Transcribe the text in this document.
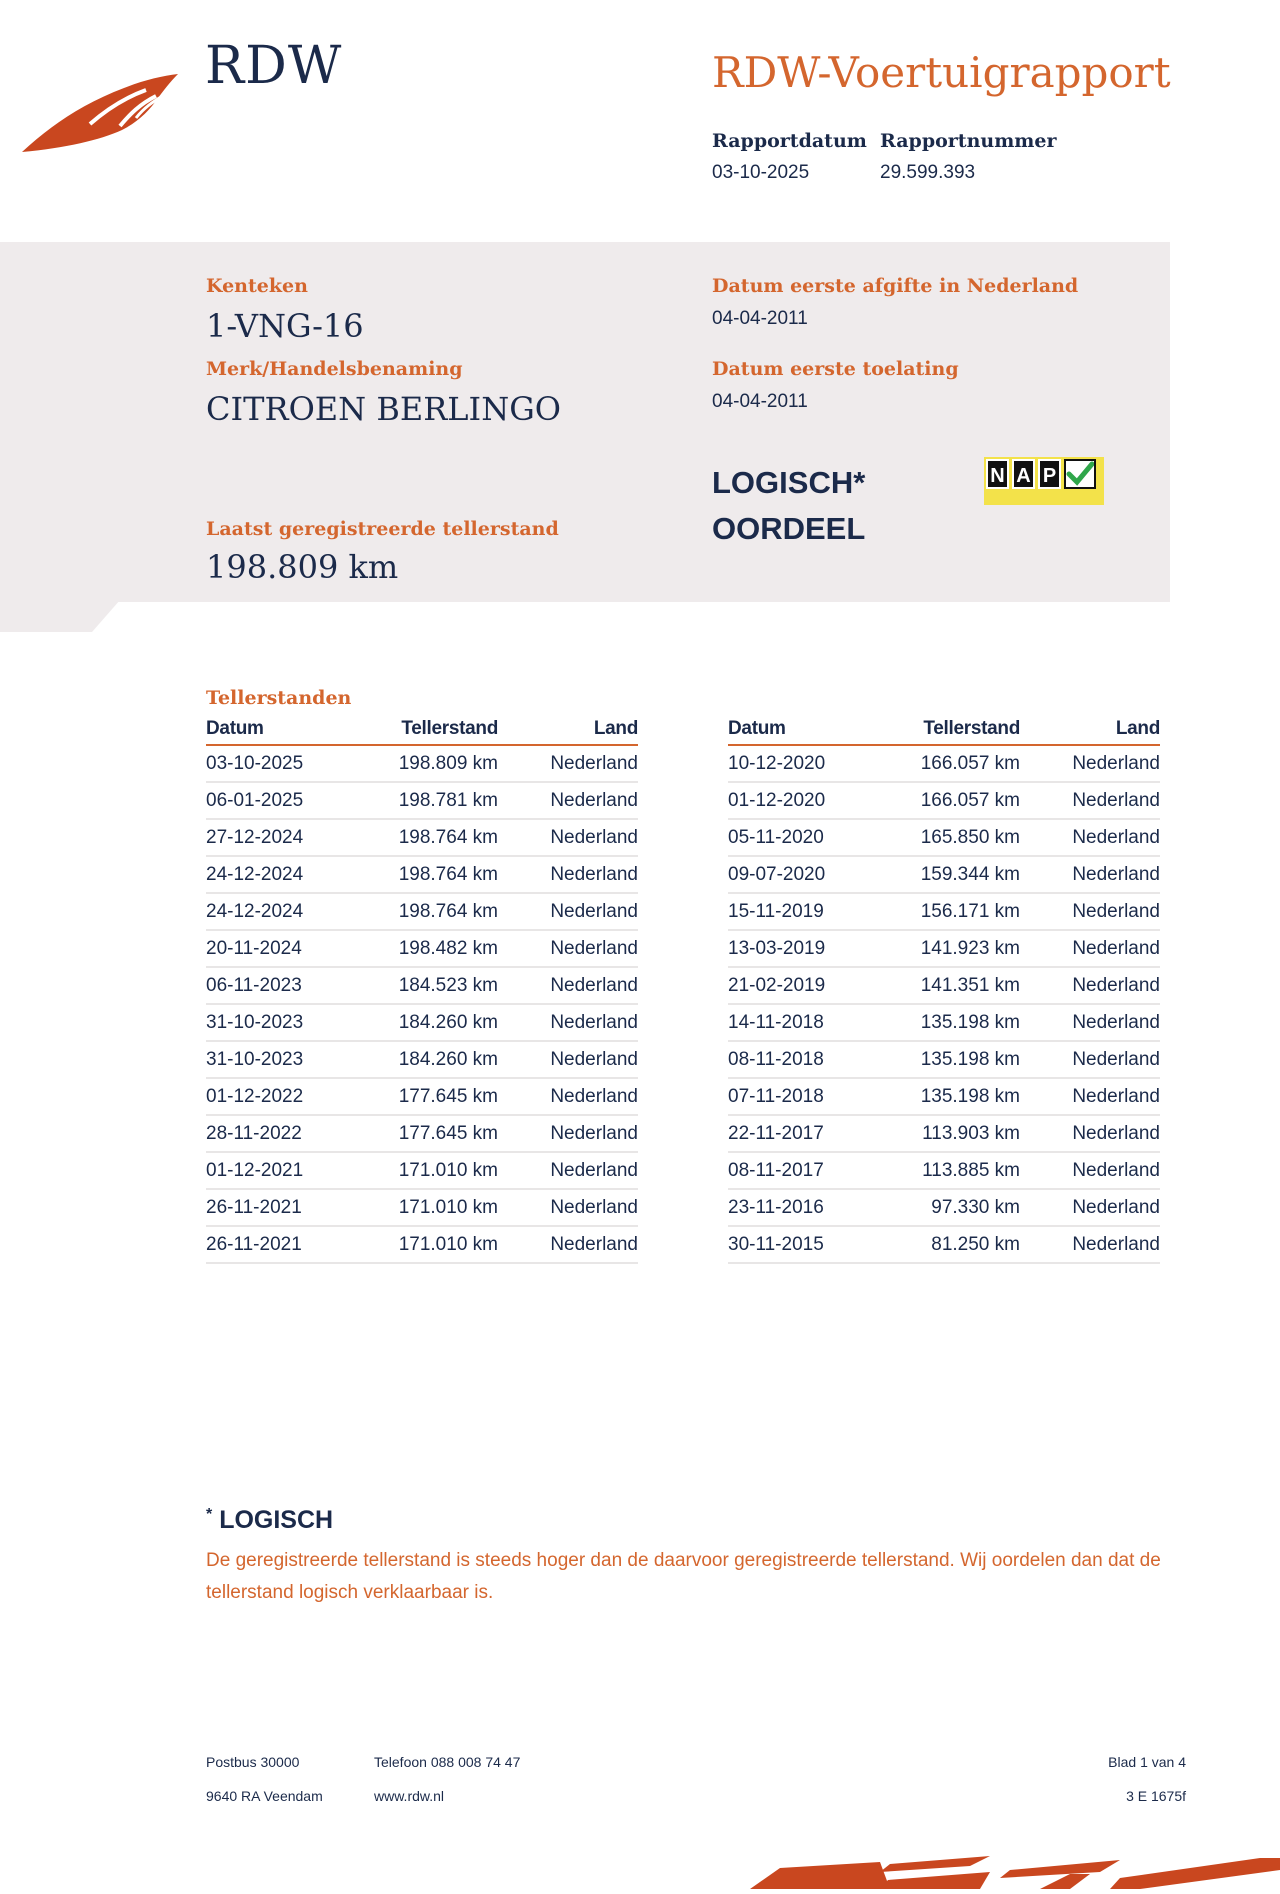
RDW	RDW-Voertuigrapport
Rapportdatum
03-10-2025
Rapportnummer
29.599.393
Kenteken
1-VNG-16
Merk/Handelsbenaming
CITROEN BERLINGO
Laatst geregistreerde tellerstand
198.809 km
Datum eerste afgifte in Nederland
04-04-2011
Datum eerste toelating
04-04-2011
LOGISCH*
OORDEEL
N A P
Tellerstanden
Datum	Tellerstand	Land
03-10-2025	198.809 km	Nederland
06-01-2025	198.781 km	Nederland
27-12-2024	198.764 km	Nederland
24-12-2024	198.764 km	Nederland
24-12-2024	198.764 km	Nederland
20-11-2024	198.482 km	Nederland
06-11-2023	184.523 km	Nederland
31-10-2023	184.260 km	Nederland
31-10-2023	184.260 km	Nederland
01-12-2022	177.645 km	Nederland
28-11-2022	177.645 km	Nederland
01-12-2021	171.010 km	Nederland
26-11-2021	171.010 km	Nederland
26-11-2021	171.010 km	Nederland
Datum	Tellerstand	Land
10-12-2020	166.057 km	Nederland
01-12-2020	166.057 km	Nederland
05-11-2020	165.850 km	Nederland
09-07-2020	159.344 km	Nederland
15-11-2019	156.171 km	Nederland
13-03-2019	141.923 km	Nederland
21-02-2019	141.351 km	Nederland
14-11-2018	135.198 km	Nederland
08-11-2018	135.198 km	Nederland
07-11-2018	135.198 km	Nederland
22-11-2017	113.903 km	Nederland
08-11-2017	113.885 km	Nederland
23-11-2016	97.330 km	Nederland
30-11-2015	81.250 km	Nederland
* LOGISCH
De geregistreerde tellerstand is steeds hoger dan de daarvoor geregistreerde tellerstand. Wij oordelen dan dat de tellerstand logisch verklaarbaar is.
Postbus 30000
9640 RA Veendam
Telefoon 088 008 74 47
www.rdw.nl
Blad 1 van 4
3 E 1675f
